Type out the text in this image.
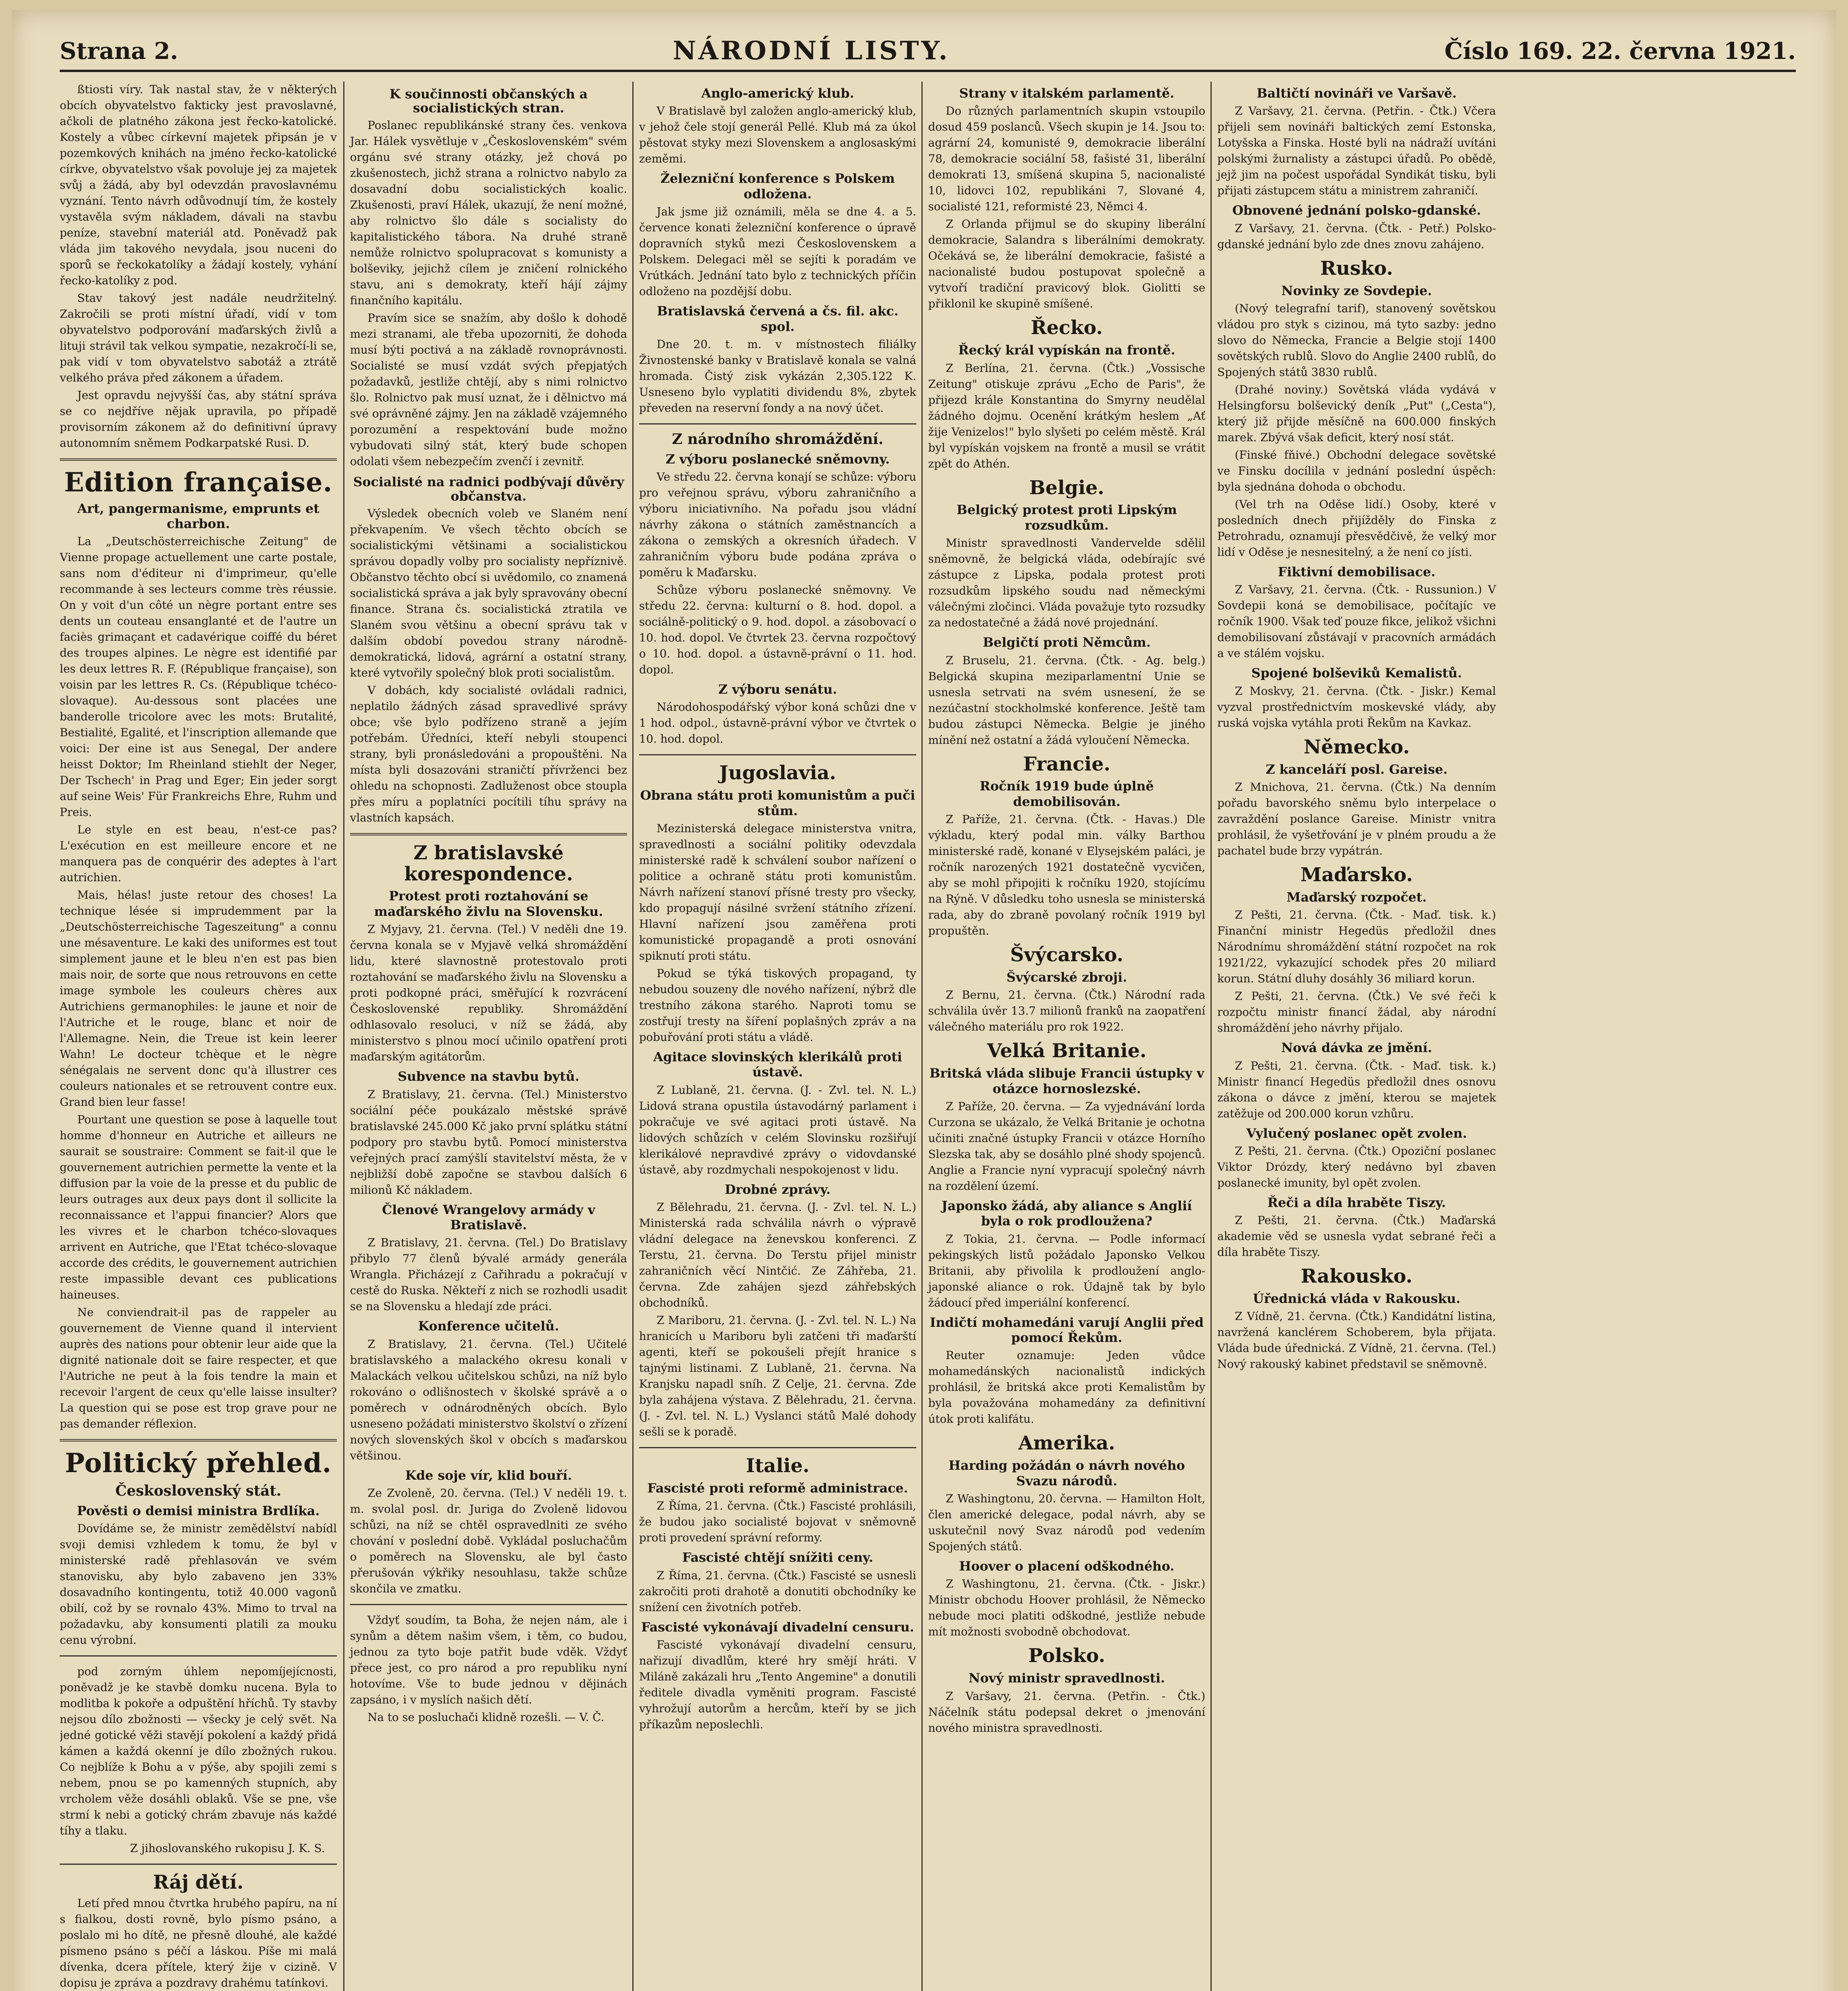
Strana 2.	NÁRODNÍ LISTY.	Číslo 169. 22. června 1921.

ßtiosti víry. Tak nastal stav, že v některých obcích obyvatelstvo fakticky jest pravoslavné, ačkoli de platného zákona jest řecko-katolické. Kostely a vůbec církevní majetek připsán je v pozemkových knihách na jméno řecko-katolické církve, obyvatelstvo však povoluje jej za majetek svůj a žádá, aby byl odevzdán pravoslavnému vyznání. Tento návrh odůvodnují tím, že kostely vystavěla svým nákladem, dávali na stavbu peníze, stavební materiál atd. Poněvadž pak vláda jim takového nevydala, jsou nuceni do sporů se řeckokatolíky a žádají kostely, vyhání řecko-katolíky z pod.

Stav takový jest nadále neudržitelný. Zakročili se proti místní úřadí, vidí v tom obyvatelstvo podporování maďarských živlů a lituji strávil tak velkou sympatie, nezakročí-li se, pak vidí v tom obyvatelstvo sabotáž a ztrátě velkého práva před zákonem a úřadem.

Jest opravdu nejvyšší čas, aby státní správa se co nejdříve nějak upravila, po případě provisorním zákonem až do definitivní úpravy autonomním sněmem Podkarpatské Rusi. D.

Edition française.
Art, pangermanisme, emprunts et charbon.

La „Deutschösterreichische Zeitung" de Vienne propage actuellement une carte postale, sans nom d'éditeur ni d'imprimeur, qu'elle recommande à ses lecteurs comme très réussie. On y voit d'un côté un nègre portant entre ses dents un couteau ensanglanté et de l'autre un faciès grimaçant et cadavérique coiffé du béret des troupes alpines. Le nègre est identifié par les deux lettres R. F. (République française), son voisin par les lettres R. Cs. (République tchéco-slovaque). Au-dessous sont placées une banderolle tricolore avec les mots: Brutalité, Bestialité, Egalité, et l'inscription allemande que voici: Der eine ist aus Senegal, Der andere heisst Doktor; Im Rheinland stiehlt der Neger, Der Tschech' in Prag und Eger; Ein jeder sorgt auf seine Weis' Für Frankreichs Ehre, Ruhm und Preis.

Le style en est beau, n'est-ce pas? L'exécution en est meilleure encore et ne manquera pas de conquérir des adeptes à l'art autrichien.

Mais, hélas! juste retour des choses! La technique lésée si imprudemment par la „Deutschösterreichische Tageszeitung" a connu une mésaventure. Le kaki des uniformes est tout simplement jaune et le bleu n'en est pas bien mais noir, de sorte que nous retrouvons en cette image symbole les couleurs chères aux Autrichiens germanophiles: le jaune et noir de l'Autriche et le rouge, blanc et noir de l'Allemagne. Nein, die Treue ist kein leerer Wahn! Le docteur tchèque et le nègre sénégalais ne servent donc qu'à illustrer ces couleurs nationales et se retrouvent contre eux. Grand bien leur fasse!

Pourtant une question se pose à laquelle tout homme d'honneur en Autriche et ailleurs ne saurait se soustraire: Comment se fait-il que le gouvernement autrichien permette la vente et la diffusion par la voie de la presse et du public de leurs outrages aux deux pays dont il sollicite la reconnaissance et l'appui financier? Alors que les vivres et le charbon tchéco-slovaques arrivent en Autriche, que l'Etat tchéco-slovaque accorde des crédits, le gouvernement autrichien reste impassible devant ces publications haineuses.

Ne conviendrait-il pas de rappeler au gouvernement de Vienne quand il intervient auprès des nations pour obtenir leur aide que la dignité nationale doit se faire respecter, et que l'Autriche ne peut à la fois tendre la main et recevoir l'argent de ceux qu'elle laisse insulter? La question qui se pose est trop grave pour ne pas demander réflexion.

Politický přehled.
Československý stát.
Pověsti o demisi ministra Brdlíka.

Dovídáme se, že ministr zemědělství nabídl svoji demisi vzhledem k tomu, že byl v ministerské radě přehlasován ve svém stanovisku, aby bylo zabaveno jen 33% dosavadního kontingentu, totiž 40.000 vagonů obilí, což by se rovnalo 43%. Mimo to trval na požadavku, aby konsumenti platili za mouku cenu výrobní.

pod zorným úhlem nepomíjejícnosti, poněvadž je ke stavbě domku nucena. Byla to modlitba k pokoře a odpuštění hříchů. Ty stavby nejsou dílo zbožnosti — všecky je celý svět. Na jedné gotické věži stavějí pokolení a každý přidá kámen a každá okenní je dílo zbožných rukou. Co nejblíže k Bohu a v pýše, aby spojili zemi s nebem, pnou se po kamenných stupních, aby vrcholem věže dosáhli oblaků. Vše se pne, vše strmí k nebi a gotický chrám zbavuje nás každé tíhy a tlaku.

Z jihoslovanského rukopisu J. K. S.
Ráj dětí.

Letí před mnou čtvrtka hrubého papíru, na ní s fialkou, dosti rovně, bylo písmo psáno, a poslalo mi ho dítě, ne přesně dlouhé, ale každé písmeno psáno s péčí a láskou. Píše mi malá dívenka, dcera přítele, který žije v cizině. V dopisu je zpráva a pozdravy drahému tatínkovi.

K součinnosti občanských a socialistických stran.

Poslanec republikánské strany čes. venkova Jar. Hálek vysvětluje v „Československém" svém orgánu své strany otázky, jež chová po zkušenostech, jichž strana a rolnictvo nabylo za dosavadní dobu socialistických koalic. Zkušenosti, praví Hálek, ukazují, že není možné, aby rolnictvo šlo dále s socialisty do kapitalistického tábora. Na druhé straně nemůže rolnictvo spolupracovat s komunisty a bolševiky, jejichž cílem je zničení rolnického stavu, ani s demokraty, kteří hájí zájmy finančního kapitálu.

Pravím sice se snažím, aby došlo k dohodě mezi stranami, ale třeba upozorniti, že dohoda musí býti poctivá a na základě rovnoprávnosti. Socialisté se musí vzdát svých přepjatých požadavků, jestliže chtějí, aby s nimi rolnictvo šlo. Rolnictvo pak musí uznat, že i dělnictvo má své oprávněné zájmy. Jen na základě vzájemného porozumění a respektování bude možno vybudovati silný stát, který bude schopen odolati všem nebezpečím zvenčí i zevnitř.

Socialisté na radnici podbývají důvěry občanstva.

Výsledek obecních voleb ve Slaném není překvapením. Ve všech těchto obcích se socialistickými většinami a socialistickou správou dopadly volby pro socialisty nepříznivě. Občanstvo těchto obcí si uvědomilo, co znamená socialistická správa a jak byly spravovány obecní finance. Strana čs. socialistická ztratila ve Slaném svou většinu a obecní správu tak v dalším období povedou strany národně-demokratická, lidová, agrární a ostatní strany, které vytvořily společný blok proti socialistům.

V dobách, kdy socialisté ovládali radnici, neplatilo žádných zásad spravedlivé správy obce; vše bylo podřízeno straně a jejím potřebám. Úředníci, kteří nebyli stoupenci strany, byli pronásledováni a propouštěni. Na místa byli dosazováni straničtí přívrženci bez ohledu na schopnosti. Zadluženost obce stoupla přes míru a poplatníci pocítili tíhu správy na vlastních kapsách.

Z bratislavské korespondence.
Protest proti roztahování se maďarského živlu na Slovensku.

Z Myjavy, 21. června. (Tel.) V neděli dne 19. června konala se v Myjavě velká shromáždění lidu, které slavnostně protestovalo proti roztahování se maďarského živlu na Slovensku a proti podkopné práci, směřující k rozvrácení Československé republiky. Shromáždění odhlasovalo resoluci, v níž se žádá, aby ministerstvo s plnou mocí učinilo opatření proti maďarským agitátorům.

Subvence na stavbu bytů.

Z Bratislavy, 21. června. (Tel.) Ministerstvo sociální péče poukázalo městské správě bratislavské 245.000 Kč jako první splátku státní podpory pro stavbu bytů. Pomocí ministerstva veřejných prací zamýšlí stavitelství města, že v nejbližší době započne se stavbou dalších 6 milionů Kč nákladem.

Členové Wrangelovy armády v Bratislavě.

Z Bratislavy, 21. června. (Tel.) Do Bratislavy přibylo 77 členů bývalé armády generála Wrangla. Přicházejí z Cařihradu a pokračují v cestě do Ruska. Někteří z nich se rozhodli usadit se na Slovensku a hledají zde práci.

Konference učitelů.

Z Bratislavy, 21. června. (Tel.) Učitelé bratislavského a malackého okresu konali v Malackách velkou učitelskou schůzi, na níž bylo rokováno o odlišnostech v školské správě a o poměrech v odnárodněných obcích. Bylo usneseno požádati ministerstvo školství o zřízení nových slovenských škol v obcích s maďarskou většinou.

Kde soje vír, klid bouří.

Ze Zvoleně, 20. června. (Tel.) V neděli 19. t. m. svolal posl. dr. Juriga do Zvoleně lidovou schůzi, na níž se chtěl ospravedlniti ze svého chování v poslední době. Vykládal posluchačům o poměrech na Slovensku, ale byl často přerušován výkřiky nesouhlasu, takže schůze skončila ve zmatku.

Vždyť soudím, ta Boha, že nejen nám, ale i synům a dětem našim všem, i těm, co budou, jednou za tyto boje patřit bude vděk. Vždyť přece jest, co pro národ a pro republiku nyní hotovíme. Vše to bude jednou v dějinách zapsáno, i v myslích našich dětí.

Na to se posluchači klidně rozešli. — V. Č.

Anglo-americký klub.

V Bratislavě byl založen anglo-americký klub, v jehož čele stojí generál Pellé. Klub má za úkol pěstovat styky mezi Slovenskem a anglosaskými zeměmi.

Železniční konference s Polskem odložena.

Jak jsme již oznámili, měla se dne 4. a 5. července konati železniční konference o úpravě dopravních styků mezi Československem a Polskem. Delegaci měl se sejíti k poradám ve Vrútkách. Jednání tato bylo z technických příčin odloženo na pozdější dobu.

Bratislavská červená a čs. fil. akc. spol.

Dne 20. t. m. v místnostech filiálky Živnostenské banky v Bratislavě konala se valná hromada. Čistý zisk vykázán 2,305.122 K. Usneseno bylo vyplatiti dividendu 8%, zbytek převeden na reservní fondy a na nový účet.

Z národního shromáždění.
Z výboru poslanecké sněmovny.

Ve středu 22. června konají se schůze: výboru pro veřejnou správu, výboru zahraničního a výboru iniciativního. Na pořadu jsou vládní návrhy zákona o státních zaměstnancích a zákona o zemských a okresních úřadech. V zahraničním výboru bude podána zpráva o poměru k Maďarsku.

Schůze výboru poslanecké sněmovny. Ve středu 22. června: kulturní o 8. hod. dopol. a sociálně-politický o 9. hod. dopol. a zásobovací o 10. hod. dopol. Ve čtvrtek 23. června rozpočtový o 10. hod. dopol. a ústavně-právní o 11. hod. dopol.

Z výboru senátu.

Národohospodářský výbor koná schůzi dne v 1 hod. odpol., ústavně-právní výbor ve čtvrtek o 10. hod. dopol.

Jugoslavia.
Obrana státu proti komunistům a puči stům.

Mezinisterská delegace ministerstva vnitra, spravedlnosti a sociální politiky odevzdala ministerské radě k schválení soubor nařízení o politice a ochraně státu proti komunistům. Návrh nařízení stanoví přísné tresty pro všecky, kdo propagují násilné svržení státního zřízení. Hlavní nařízení jsou zaměřena proti komunistické propagandě a proti osnování spiknutí proti státu.

Pokud se týká tiskových propagand, ty nebudou souzeny dle nového nařízení, nýbrž dle trestního zákona starého. Naproti tomu se zostřují tresty na šíření poplašných zpráv a na pobuřování proti státu a vládě.

Agitace slovinských klerikálů proti ústavě.

Z Lublaně, 21. června. (J. - Zvl. tel. N. L.) Lidová strana opustila ústavodárný parlament i pokračuje ve své agitaci proti ústavě. Na lidových schůzích v celém Slovinsku rozšiřují klerikálové nepravdivé zprávy o vidovdanské ústavě, aby rozdmychali nespokojenost v lidu.

Drobné zprávy.

Z Bělehradu, 21. června. (J. - Zvl. tel. N. L.) Ministerská rada schválila návrh o výpravě vládní delegace na ženevskou konferenci. Z Terstu, 21. června. Do Terstu přijel ministr zahraničních věcí Nintčić. Ze Záhřeba, 21. června. Zde zahájen sjezd záhřebských obchodníků.

Z Mariboru, 21. června. (J. - Zvl. tel. N. L.) Na hranicích u Mariboru byli zatčeni tři maďarští agenti, kteří se pokoušeli přejít hranice s tajnými listinami. Z Lublaně, 21. června. Na Kranjsku napadl sníh. Z Celje, 21. června. Zde byla zahájena výstava. Z Bělehradu, 21. června. (J. - Zvl. tel. N. L.) Vyslanci států Malé dohody sešli se k poradě.

Italie.
Fascisté proti reformě administrace.

Z Říma, 21. června. (Čtk.) Fascisté prohlásili, že budou jako socialisté bojovat v sněmovně proti provedení správní reformy.

Fascisté chtějí snížiti ceny.

Z Říma, 21. června. (Čtk.) Fascisté se usnesli zakročiti proti drahotě a donutiti obchodníky ke snížení cen životních potřeb.

Fascisté vykonávají divadelní censuru.

Fascisté vykonávají divadelní censuru, nařizují divadlům, které hry smějí hráti. V Miláně zakázali hru „Tento Angemine" a donutili ředitele divadla vyměniti program. Fascisté vyhrožují autorům a hercům, kteří by se jich příkazům neposlechli.

Strany v italském parlamentě.

Do různých parlamentních skupin vstoupilo dosud 459 poslanců. Všech skupin je 14. Jsou to: agrární 24, komunisté 9, demokracie liberální 78, demokracie sociální 58, fašisté 31, liberální demokrati 13, smíšená skupina 5, nacionalisté 10, lidovci 102, republikáni 7, Slované 4, socialisté 121, reformisté 23, Němci 4.

Z Orlanda přijmul se do skupiny liberální demokracie, Salandra s liberálními demokraty. Očekává se, že liberální demokracie, fašisté a nacionalisté budou postupovat společně a vytvoří tradiční pravicový blok. Giolitti se přiklonil ke skupině smíšené.

Řecko.
Řecký král vypískán na frontě.

Z Berlína, 21. června. (Čtk.) „Vossische Zeitung" otiskuje zprávu „Echo de Paris", že přijezd krále Konstantina do Smyrny neudělal žádného dojmu. Ocenění krátkým heslem „Ať žije Venizelos!" bylo slyšeti po celém městě. Král byl vypískán vojskem na frontě a musil se vrátit zpět do Athén.

Belgie.
Belgický protest proti Lipským rozsudkům.

Ministr spravedlnosti Vandervelde sdělil sněmovně, že belgická vláda, odebírajíc své zástupce z Lipska, podala protest proti rozsudkům lipského soudu nad německými válečnými zločinci. Vláda považuje tyto rozsudky za nedostatečné a žádá nové projednání.

Belgičtí proti Němcům.

Z Bruselu, 21. června. (Čtk. - Ag. belg.) Belgická skupina meziparlamentní Unie se usnesla setrvati na svém usnesení, že se nezúčastní stockholmské konference. Ještě tam budou zástupci Německa. Belgie je jiného mínění než ostatní a žádá vyloučení Německa.

Francie.
Ročník 1919 bude úplně demobilisován.

Z Paříže, 21. června. (Čtk. - Havas.) Dle výkladu, který podal min. války Barthou ministerské radě, konané v Elysejském paláci, je ročník narozených 1921 dostatečně vycvičen, aby se mohl připojiti k ročníku 1920, stojícímu na Rýně. V důsledku toho usnesla se ministerská rada, aby do zbraně povolaný ročník 1919 byl propuštěn.

Švýcarsko.
Švýcarské zbroji.

Z Bernu, 21. června. (Čtk.) Národní rada schválila úvěr 13.7 milionů franků na zaopatření válečného materiálu pro rok 1922.

Velká Britanie.
Britská vláda slibuje Francii ústupky v otázce hornoslezské.

Z Paříže, 20. června. — Za vyjednávání lorda Curzona se ukázalo, že Velká Britanie je ochotna učiniti značné ústupky Francii v otázce Horního Slezska tak, aby se dosáhlo plné shody spojenců. Anglie a Francie nyní vypracují společný návrh na rozdělení území.

Japonsko žádá, aby aliance s Anglií byla o rok prodloužena?

Z Tokia, 21. června. — Podle informací pekingských listů požádalo Japonsko Velkou Britanii, aby přivolila k prodloužení anglo-japonské aliance o rok. Údajně tak by bylo žádoucí před imperiální konferencí.

Indičtí mohamedáni varují Anglii před pomocí Řekům.

Reuter oznamuje: Jeden vůdce mohamedánských nacionalistů indických prohlásil, že britská akce proti Kemalistům by byla považována mohamedány za definitivní útok proti kalifátu.

Amerika.
Harding požádán o návrh nového Svazu národů.

Z Washingtonu, 20. června. — Hamilton Holt, člen americké delegace, podal návrh, aby se uskutečnil nový Svaz národů pod vedením Spojených států.

Hoover o placení odškodného.

Z Washingtonu, 21. června. (Čtk. - Jiskr.) Ministr obchodu Hoover prohlásil, že Německo nebude moci platiti odškodné, jestliže nebude mít možnosti svobodně obchodovat.

Polsko.
Nový ministr spravedlnosti.

Z Varšavy, 21. června. (Petřin. - Čtk.) Náčelník státu podepsal dekret o jmenování nového ministra spravedlnosti.

Baltičtí novináři ve Varšavě.

Z Varšavy, 21. června. (Petřin. - Čtk.) Včera přijeli sem novináři baltických zemí Estonska, Lotyšska a Finska. Hosté byli na nádraží uvítáni polskými žurnalisty a zástupci úřadů. Po obědě, jejž jim na počest uspořádal Syndikát tisku, byli přijati zástupcem státu a ministrem zahraničí.

Obnovené jednání polsko-gdanské.

Z Varšavy, 21. června. (Čtk. - Petř.) Polsko-gdanské jednání bylo zde dnes znovu zahájeno.

Rusko.
Novinky ze Sovdepie.

(Nový telegrafní tarif), stanovený sovětskou vládou pro styk s cizinou, má tyto sazby: jedno slovo do Německa, Francie a Belgie stojí 1400 sovětských rublů. Slovo do Anglie 2400 rublů, do Spojených států 3830 rublů.

(Drahé noviny.) Sovětská vláda vydává v Helsingforsu bolševický deník „Put" („Cesta"), který již přijde měsíčně na 600.000 finských marek. Zbývá však deficit, který nosí stát.

(Finské fňivé.) Obchodní delegace sovětské ve Finsku docílila v jednání poslední úspěch: byla sjednána dohoda o obchodu.

(Vel trh na Oděse lidí.) Osoby, které v posledních dnech přijížděly do Finska z Petrohradu, oznamují přesvědčivě, že velký mor lidí v Oděse je nesnesitelný, a že není co jísti.

Fiktivní demobilisace.

Z Varšavy, 21. června. (Čtk. - Russunion.) V Sovdepii koná se demobilisace, počítajíc ve ročník 1900. Však teď pouze fikce, jelikož všichni demobilisovaní zůstávají v pracovních armádách a ve stálém vojsku.

Spojené bolševiků Kemalistů.

Z Moskvy, 21. června. (Čtk. - Jiskr.) Kemal vyzval prostřednictvím moskevské vlády, aby ruská vojska vytáhla proti Řekům na Kavkaz.

Německo.
Z kanceláří posl. Gareise.

Z Mnichova, 21. června. (Čtk.) Na denním pořadu bavorského sněmu bylo interpelace o zavraždění poslance Gareise. Ministr vnitra prohlásil, že vyšetřování je v plném proudu a že pachatel bude brzy vypátrán.

Maďarsko.
Maďarský rozpočet.

Z Pešti, 21. června. (Čtk. - Maď. tisk. k.) Finanční ministr Hegedüs předložil dnes Národnímu shromáždění státní rozpočet na rok 1921/22, vykazující schodek přes 20 miliard korun. Státní dluhy dosáhly 36 miliard korun.

Z Pešti, 21. června. (Čtk.) Ve své řeči k rozpočtu ministr financí žádal, aby národní shromáždění jeho návrhy přijalo.

Nová dávka ze jmění.

Z Pešti, 21. června. (Čtk. - Maď. tisk. k.) Ministr financí Hegedüs předložil dnes osnovu zákona o dávce z jmění, kterou se majetek zatěžuje od 200.000 korun vzhůru.

Vylučený poslanec opět zvolen.

Z Pešti, 21. června. (Čtk.) Opoziční poslanec Viktor Drózdy, který nedávno byl zbaven poslanecké imunity, byl opět zvolen.

Řeči a díla hraběte Tiszy.

Z Pešti, 21. června. (Čtk.) Maďarská akademie věd se usnesla vydat sebrané řeči a díla hraběte Tiszy.

Rakousko.
Úřednická vláda v Rakousku.

Z Vídně, 21. června. (Čtk.) Kandidátní listina, navržená kanclérem Schoberem, byla přijata. Vláda bude úřednická. Z Vídně, 21. června. (Tel.) Nový rakouský kabinet představil se sněmovně.
